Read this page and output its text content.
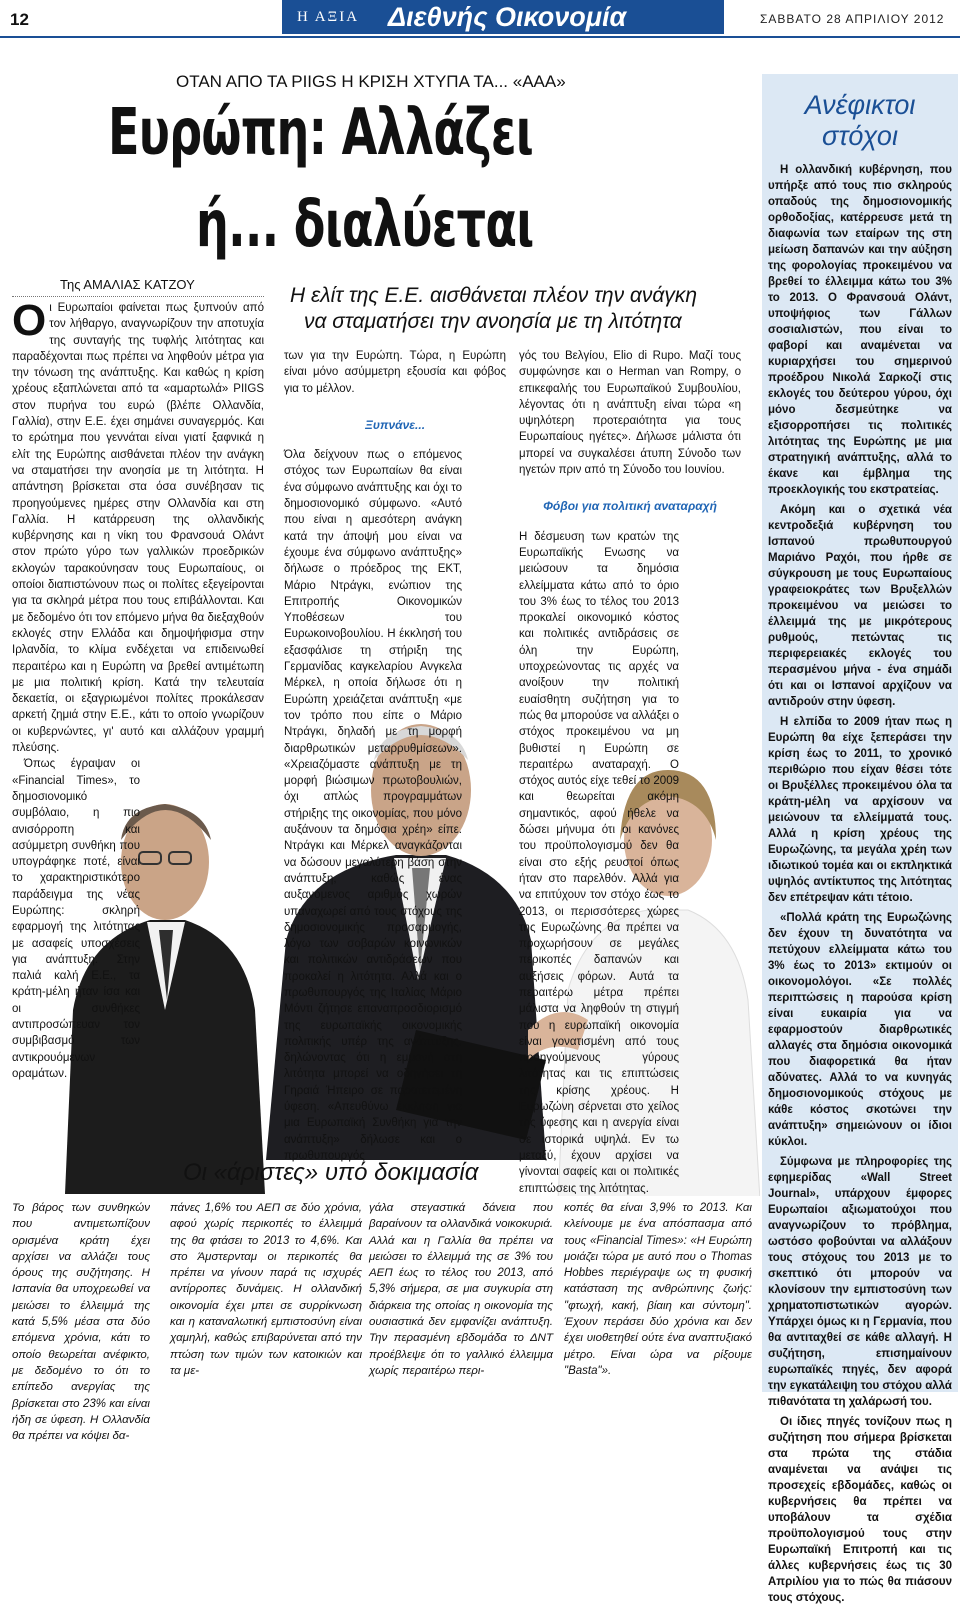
12	Η ΑΞΙΑ	Διεθνής Οικονομία	ΣΑΒΒΑΤΟ 28 ΑΠΡΙΛΙΟΥ 2012
ΟΤΑΝ ΑΠΟ ΤΑ PIIGS Η ΚΡΙΣΗ ΧΤΥΠΑ ΤΑ... «AAA»
Ευρώπη: Αλλάζει
ή... διαλύεται
Της ΑΜΑΛΙΑΣ ΚΑΤΖΟΥ	Η ελίτ της Ε.Ε. αισθάνεται πλέον την ανάγκη
να σταματήσει την ανοησία με τη λιτότητα
Ο ι Ευρωπαίοι φαίνεται πως ξυπνούν από τον λήθαργο, αναγνωρίζουν την αποτυχία της συνταγής της τυφλής λιτότητας και παραδέχονται πως πρέπει να ληφθούν μέτρα για την τόνωση της ανάπτυξης. Και καθώς η κρίση χρέους εξαπλώνεται από τα «αμαρτωλά» PIIGS στον πυρήνα του ευρώ (βλέπε Ολλανδία, Γαλλία), στην Ε.Ε. έχει σημάνει συναγερμός. Και το ερώτημα που γεννάται είναι γιατί ξαφνικά η ελίτ της Ευρώπης αισθάνεται πλέον την ανάγκη να σταματήσει την ανοησία με τη λιτότητα. Η απάντηση βρίσκεται στα όσα συνέβησαν τις προηγούμενες ημέρες στην Ολλανδία και στη Γαλλία. Η κατάρρευση της ολλανδικής κυβέρνησης και η νίκη του Φρανσουά Ολάντ στον πρώτο γύρο των γαλλικών προεδρικών εκλογών ταρακούνησαν τους Ευρωπαίους, οι οποίοι διαπιστώνουν πως οι πολίτες εξεγείρονται για τα σκληρά μέτρα που τους επιβάλλονται. Και με δεδομένο ότι τον επόμενο μήνα θα διεξαχθούν εκλογές στην Ελλάδα και δημοψήφισμα στην Ιρλανδία, το κλίμα ενδέχεται να επιδεινωθεί περαιτέρω και η Ευρώπη να βρεθεί αντιμέτωπη με μια πολιτική κρίση. Κατά την τελευταία δεκαετία, οι εξαγριωμένοι πολίτες προκάλεσαν αρκετή ζημιά στην Ε.Ε., κάτι το οποίο γνωρίζουν οι κυβερνώντες, γι' αυτό και αλλάζουν γραμμή πλεύσης.

Όπως έγραψαν οι «Financial Times», το δημοσιονομικό συμβόλαιο, η πιο ανισόρροπη και ασύμμετρη συνθήκη που υπογράφηκε ποτέ, είναι το χαρακτηριστικότερο παράδειγμα της νέας Ευρώπης: σκληρή εφαρμογή της λιτότητας με ασαφείς υποσχέσεις για ανάπτυξη. Στην παλιά καλή Ε.Ε., τα κράτη-μέλη ήταν ίσα και οι συνθήκες αντιπροσώπευαν τον συμβιβασμό των αντικρουόμενων οραμάτων.

των για την Ευρώπη. Τώρα, η Ευρώπη είναι μόνο ασύμμετρη εξουσία και φόβος για το μέλλον.

Ξυπνάνε...

Όλα δείχνουν πως ο επόμενος στόχος των Ευρωπαίων θα είναι ένα σύμφωνο ανάπτυξης και όχι το δημοσιονομικό σύμφωνο. «Αυτό που είναι η αμεσότερη ανάγκη κατά την άποψή μου είναι να έχουμε ένα σύμφωνο ανάπτυξης» δήλωσε ο πρόεδρος της ΕΚΤ, Μάριο Ντράγκι, ενώπιον της Επιτροπής Οικονομικών Υποθέσεων του Ευρωκοινοβουλίου. Η έκκλησή του εξασφάλισε τη στήριξη της Γερμανίδας καγκελαρίου Ανγκελα Μέρκελ, η οποία δήλωσε ότι η Ευρώπη χρειάζεται ανάπτυξη «με τον τρόπο που είπε ο Μάριο Ντράγκι, δηλαδή με τη μορφή διαρθρωτικών μεταρρυθμίσεων». «Χρειαζόμαστε ανάπτυξη με τη μορφή βιώσιμων πρωτοβουλιών, όχι απλώς προγραμμάτων στήριξης της οικονομίας, που μόνο αυξάνουν τα δημόσια χρέη» είπε. Ντράγκι και Μέρκελ αναγκάζονται να δώσουν μεγαλύτερη βάση στην ανάπτυξη, καθώς ένας αυξανόμενος αριθμός χωρών υπαναχωρεί από τους στόχους της δημοσιονομικής προσαρμογής, λόγω των σοβαρών κοινωνικών και πολιτικών αντιδράσεων που προκαλεί η λιτότητα. Αλλά και ο πρωθυπουργός της Ιταλίας Μάριο Μόντι ζήτησε επαναπροσδιορισμό της ευρωπαϊκής οικονομικής πολιτικής υπέρ της ανάπτυξης, δηλώνοντας ότι η εμμονή στη λιτότητα μπορεί να οδηγήσει τη Γηραιά Ήπειρο σε παρατεταμένη ύφεση. «Απευθύνω έκκληση για μια Ευρωπαϊκή Συνθήκη για την ανάπτυξη» δήλωσε και ο πρωθυπουργός

γός του Βελγίου, Elio di Rupo. Μαζί τους συμφώνησε και ο Herman van Rompy, ο επικεφαλής του Ευρωπαϊκού Συμβουλίου, λέγοντας ότι η ανάπτυξη είναι τώρα «η υψηλότερη προτεραιότητα για τους Ευρωπαίους ηγέτες». Δήλωσε μάλιστα ότι μπορεί να συγκαλέσει άτυπη Σύνοδο των ηγετών πριν από τη Σύνοδο του Ιουνίου.

Φόβοι για πολιτική αναταραχή

Η δέσμευση των κρατών της Ευρωπαϊκής Ενωσης να μειώσουν τα δημόσια ελλείμματα κάτω από το όριο του 3% έως το τέλος του 2013 προκαλεί οικονομικό κόστος και πολιτικές αντιδράσεις σε όλη την Ευρώπη, υποχρεώνοντας τις αρχές να ανοίξουν την πολιτική ευαίσθητη συζήτηση για το πώς θα μπορούσε να αλλάξει ο στόχος προκειμένου να μη βυθιστεί η Ευρώπη σε περαιτέρω αναταραχή. Ο στόχος αυτός είχε τεθεί το 2009 και θεωρείται ακόμη σημαντικός, αφού ήθελε να δώσει μήνυμα ότι οι κανόνες του προϋπολογισμού δεν θα είναι στο εξής ρευστοί όπως ήταν στο παρελθόν. Αλλά για να επιτύχουν τον στόχο έως το 2013, οι περισσότερες χώρες της Ευρωζώνης θα πρέπει να προχωρήσουν σε μεγάλες περικοπές δαπανών και αυξήσεις φόρων. Αυτά τα περαιτέρω μέτρα πρέπει μάλιστα να ληφθούν τη στιγμή που η ευρωπαϊκή οικονομία είναι γονατισμένη από τους προηγούμενους γύρους λιτότητας και τις επιπτώσεις της κρίσης χρέους. Η Ευρωζώνη σέρνεται στο χείλος της ύφεσης και η ανεργία είναι σε ιστορικά υψηλά. Εν τω μεταξύ, έχουν αρχίσει να γίνονται σαφείς και οι πολιτικές επιπτώσεις της λιτότητας.

Οι «άριστες» υπό δοκιμασία
Το βάρος των συνθηκών που αντιμετωπίζουν ορισμένα κράτη έχει αρχίσει να αλλάζει τους όρους της συζήτησης. Η Ισπανία θα υποχρεωθεί να μειώσει το έλλειμμά της κατά 5,5% μέσα στα δύο επόμενα χρόνια, κάτι το οποίο θεωρείται ανέφικτο, με δεδομένο το ότι το επίπεδο ανεργίας της βρίσκεται στο 23% και είναι ήδη σε ύφεση. Η Ολλανδία θα πρέπει να κόψει δα-
πάνες 1,6% του ΑΕΠ σε δύο χρόνια, αφού χωρίς περικοπές το έλλειμμά της θα φτάσει το 2013 το 4,6%. Και στο Άμστερνταμ οι περικοπές θα πρέπει να γίνουν παρά τις ισχυρές αντίρροπες δυνάμεις. Η ολλανδική οικονομία έχει μπει σε συρρίκνωση και η καταναλωτική εμπιστοσύνη είναι χαμηλή, καθώς επιβαρύνεται από την πτώση των τιμών των κατοικιών και τα με-
γάλα στεγαστικά δάνεια που βαραίνουν τα ολλανδικά νοικοκυριά. Αλλά και η Γαλλία θα πρέπει να μειώσει το έλλειμμά της σε 3% του ΑΕΠ έως το τέλος του 2013, από 5,3% σήμερα, σε μια συγκυρία στη διάρκεια της οποίας η οικονομία της ουσιαστικά δεν εμφανίζει ανάπτυξη. Την περασμένη εβδομάδα το ΔΝΤ προέβλεψε ότι το γαλλικό έλλειμμα χωρίς περαιτέρω περι-
κοπές θα είναι 3,9% το 2013. Και κλείνουμε με ένα απόσπασμα από τους «Financial Times»: «Η Ευρώπη μοιάζει τώρα με αυτό που ο Thomas Hobbes περιέγραψε ως τη φυσική κατάσταση της ανθρώπινης ζωής: "φτωχή, κακή, βίαιη και σύντομη". Έχουν περάσει δύο χρόνια και δεν έχει υιοθετηθεί ούτε ένα αναπτυξιακό μέτρο. Είναι ώρα να ρίξουμε "Basta"».
Ανέφικτοι
στόχοι

Η ολλανδική κυβέρνηση, που υπήρξε από τους πιο σκληρούς οπαδούς της δημοσιονομικής ορθοδοξίας, κατέρρευσε μετά τη διαφωνία των εταίρων της στη μείωση δαπανών και την αύξηση της φορολογίας προκειμένου να βρεθεί το έλλειμμα κάτω του 3% το 2013. Ο Φρανσουά Ολάντ, υποψήφιος των Γάλλων σοσιαλιστών, που είναι το φαβορί και αναμένεται να κυριαρχήσει του σημερινού προέδρου Νικολά Σαρκοζί στις εκλογές του δεύτερου γύρου, όχι μόνο δεσμεύτηκε να εξισορροπήσει τις πολιτικές λιτότητας της Ευρώπης με μια στρατηγική ανάπτυξης, αλλά το έκανε και έμβλημα της προεκλογικής του εκστρατείας.

Ακόμη και ο σχετικά νέα κεντροδεξιά κυβέρνηση του Ισπανού πρωθυπουργού Μαριάνο Ραχόι, που ήρθε σε σύγκρουση με τους Ευρωπαίους γραφειοκράτες των Βρυξελλών προκειμένου να μειώσει το έλλειμμά της με μικρότερους ρυθμούς, πετώντας τις περιφερειακές εκλογές του περασμένου μήνα - ένα σημάδι ότι και οι Ισπανοί αρχίζουν να αντιδρούν στην ύφεση.

Η ελπίδα το 2009 ήταν πως η Ευρώπη θα είχε ξεπεράσει την κρίση έως το 2011, το χρονικό περιθώριο που είχαν θέσει τότε οι Βρυξέλλες προκειμένου όλα τα κράτη-μέλη να αρχίσουν να μειώνουν τα ελλείμματά τους. Αλλά η κρίση χρέους της Ευρωζώνης, τα μεγάλα χρέη των ιδιωτικού τομέα και οι εκπληκτικά υψηλός αντίκτυπος της λιτότητας δεν επέτρεψαν κάτι τέτοιο.

«Πολλά κράτη της Ευρωζώνης δεν έχουν τη δυνατότητα να πετύχουν ελλείμματα κάτω του 3% έως το 2013» εκτιμούν οι οικονομολόγοι. «Σε πολλές περιπτώσεις η παρούσα κρίση είναι ευκαιρία για να εφαρμοστούν διαρθρωτικές αλλαγές στα δημόσια οικονομικά που διαφορετικά θα ήταν αδύνατες. Αλλά το να κυνηγάς δημοσιονομικούς στόχους με κάθε κόστος σκοτώνει την ανάπτυξη» σημειώνουν οι ίδιοι κύκλοι.

Σύμφωνα με πληροφορίες της εφημερίδας «Wall Street Journal», υπάρχουν έμφορες Ευρωπαίοι αξιωματούχοι που αναγνωρίζουν το πρόβλημα, ωστόσο φοβούνται να αλλάξουν τους στόχους του 2013 με το σκεπτικό ότι μπορούν να κλονίσουν την εμπιστοσύνη των χρηματοπιστωτικών αγορών. Υπάρχει όμως κι η Γερμανία, που θα αντιταχθεί σε κάθε αλλαγή. Η συζήτηση, επισημαίνουν ευρωπαϊκές πηγές, δεν αφορά την εγκατάλειψη του στόχου αλλά πιθανότατα τη χαλάρωσή του.

Οι ίδιες πηγές τονίζουν πως η συζήτηση που σήμερα βρίσκεται στα πρώτα της στάδια αναμένεται να ανάψει τις προσεχείς εβδομάδες, καθώς οι κυβερνήσεις θα πρέπει να υποβάλουν τα σχέδια προϋπολογισμού τους στην Ευρωπαϊκή Επιτροπή και τις άλλες κυβερνήσεις έως τις 30 Απριλίου για το πώς θα πιάσουν τους στόχους.
